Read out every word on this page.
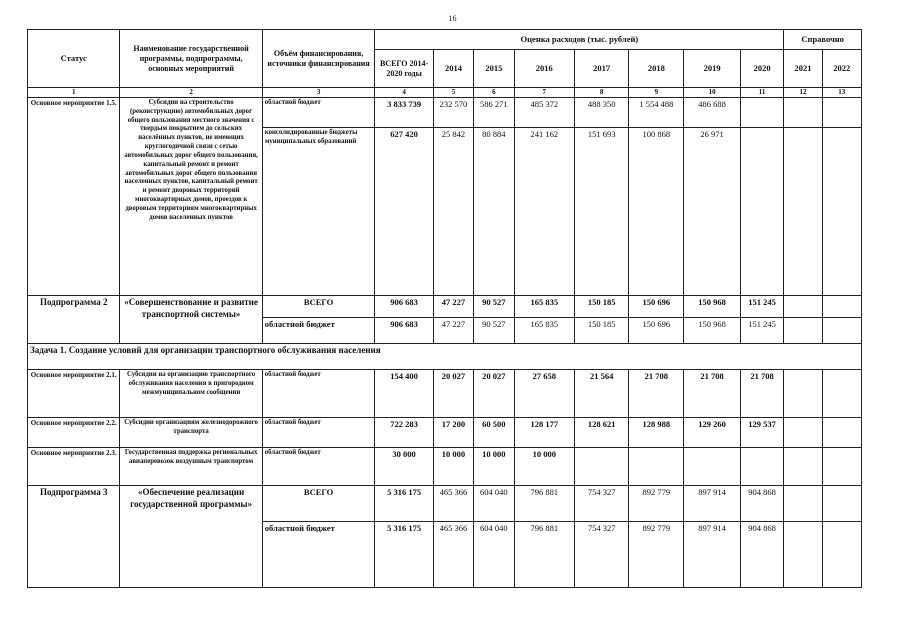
16
Статус	Наименование государственной программы, подпрограммы, основных мероприятий	Объём финансирования, источники финансирования	Оценка расходов (тыс. рублей)								Справочно	
			ВСЕГО 2014-2020 годы	2014	2015	2016	2017	2018	2019	2020	2021	2022
1	2	3	4	5	6	7	8	9	10	11	12	13
Основное мероприятие 1.5.	Субсидии на строительство (реконструкцию) автомобильных дорог общего пользования местного значения с твердым покрытием до сельских населённых пунктов, не имеющих круглогодичной связи с сетью автомобильных дорог общего пользования, капитальный ремонт и ремонт автомобильных дорог общего пользования населенных пунктов, капитальный ремонт и ремонт дворовых территорий многоквартирных домов, проездов к дворовым территориям многоквартирных домов населенных пунктов	областной бюджет	3 833 739	232 570	586 271	485 372	488 350	1 554 488	486 688			
		консолидированные бюджеты муниципальных образований	627 420	25 842	80 884	241 162	151 693	100 868	26 971			
Подпрограмма 2	«Совершенствование и развитие транспортной системы»	ВСЕГО	906 683	47 227	90 527	165 835	150 185	150 696	150 968	151 245		
		областной бюджет	906 683	47 227	90 527	165 835	150 185	150 696	150 968	151 245		
Задача 1. Создание условий для организации транспортного обслуживания населения												
Основное мероприятие 2.1.	Субсидии на организацию транспортного обслуживания населения в пригородном межмуниципальном сообщении	областной бюджет	154 400	20 027	20 027	27 658	21 564	21 708	21 708	21 708		
Основное мероприятие 2.2.	Субсидии организациям железнодорожного транспорта	областной бюджет	722 283	17 200	60 500	128 177	128 621	128 988	129 260	129 537		
Основное мероприятие 2.3.	Государственная поддержка региональных авиаперевозок воздушным транспортом	областной бюджет	30 000	10 000	10 000	10 000						
Подпрограмма 3	«Обеспечение реализации государственной программы»	ВСЕГО	5 316 175	465 366	604 040	796 881	754 327	892 779	897 914	904 868		
		областной бюджет	5 316 175	465 366	604 040	796 881	754 327	892 779	897 914	904 868		
